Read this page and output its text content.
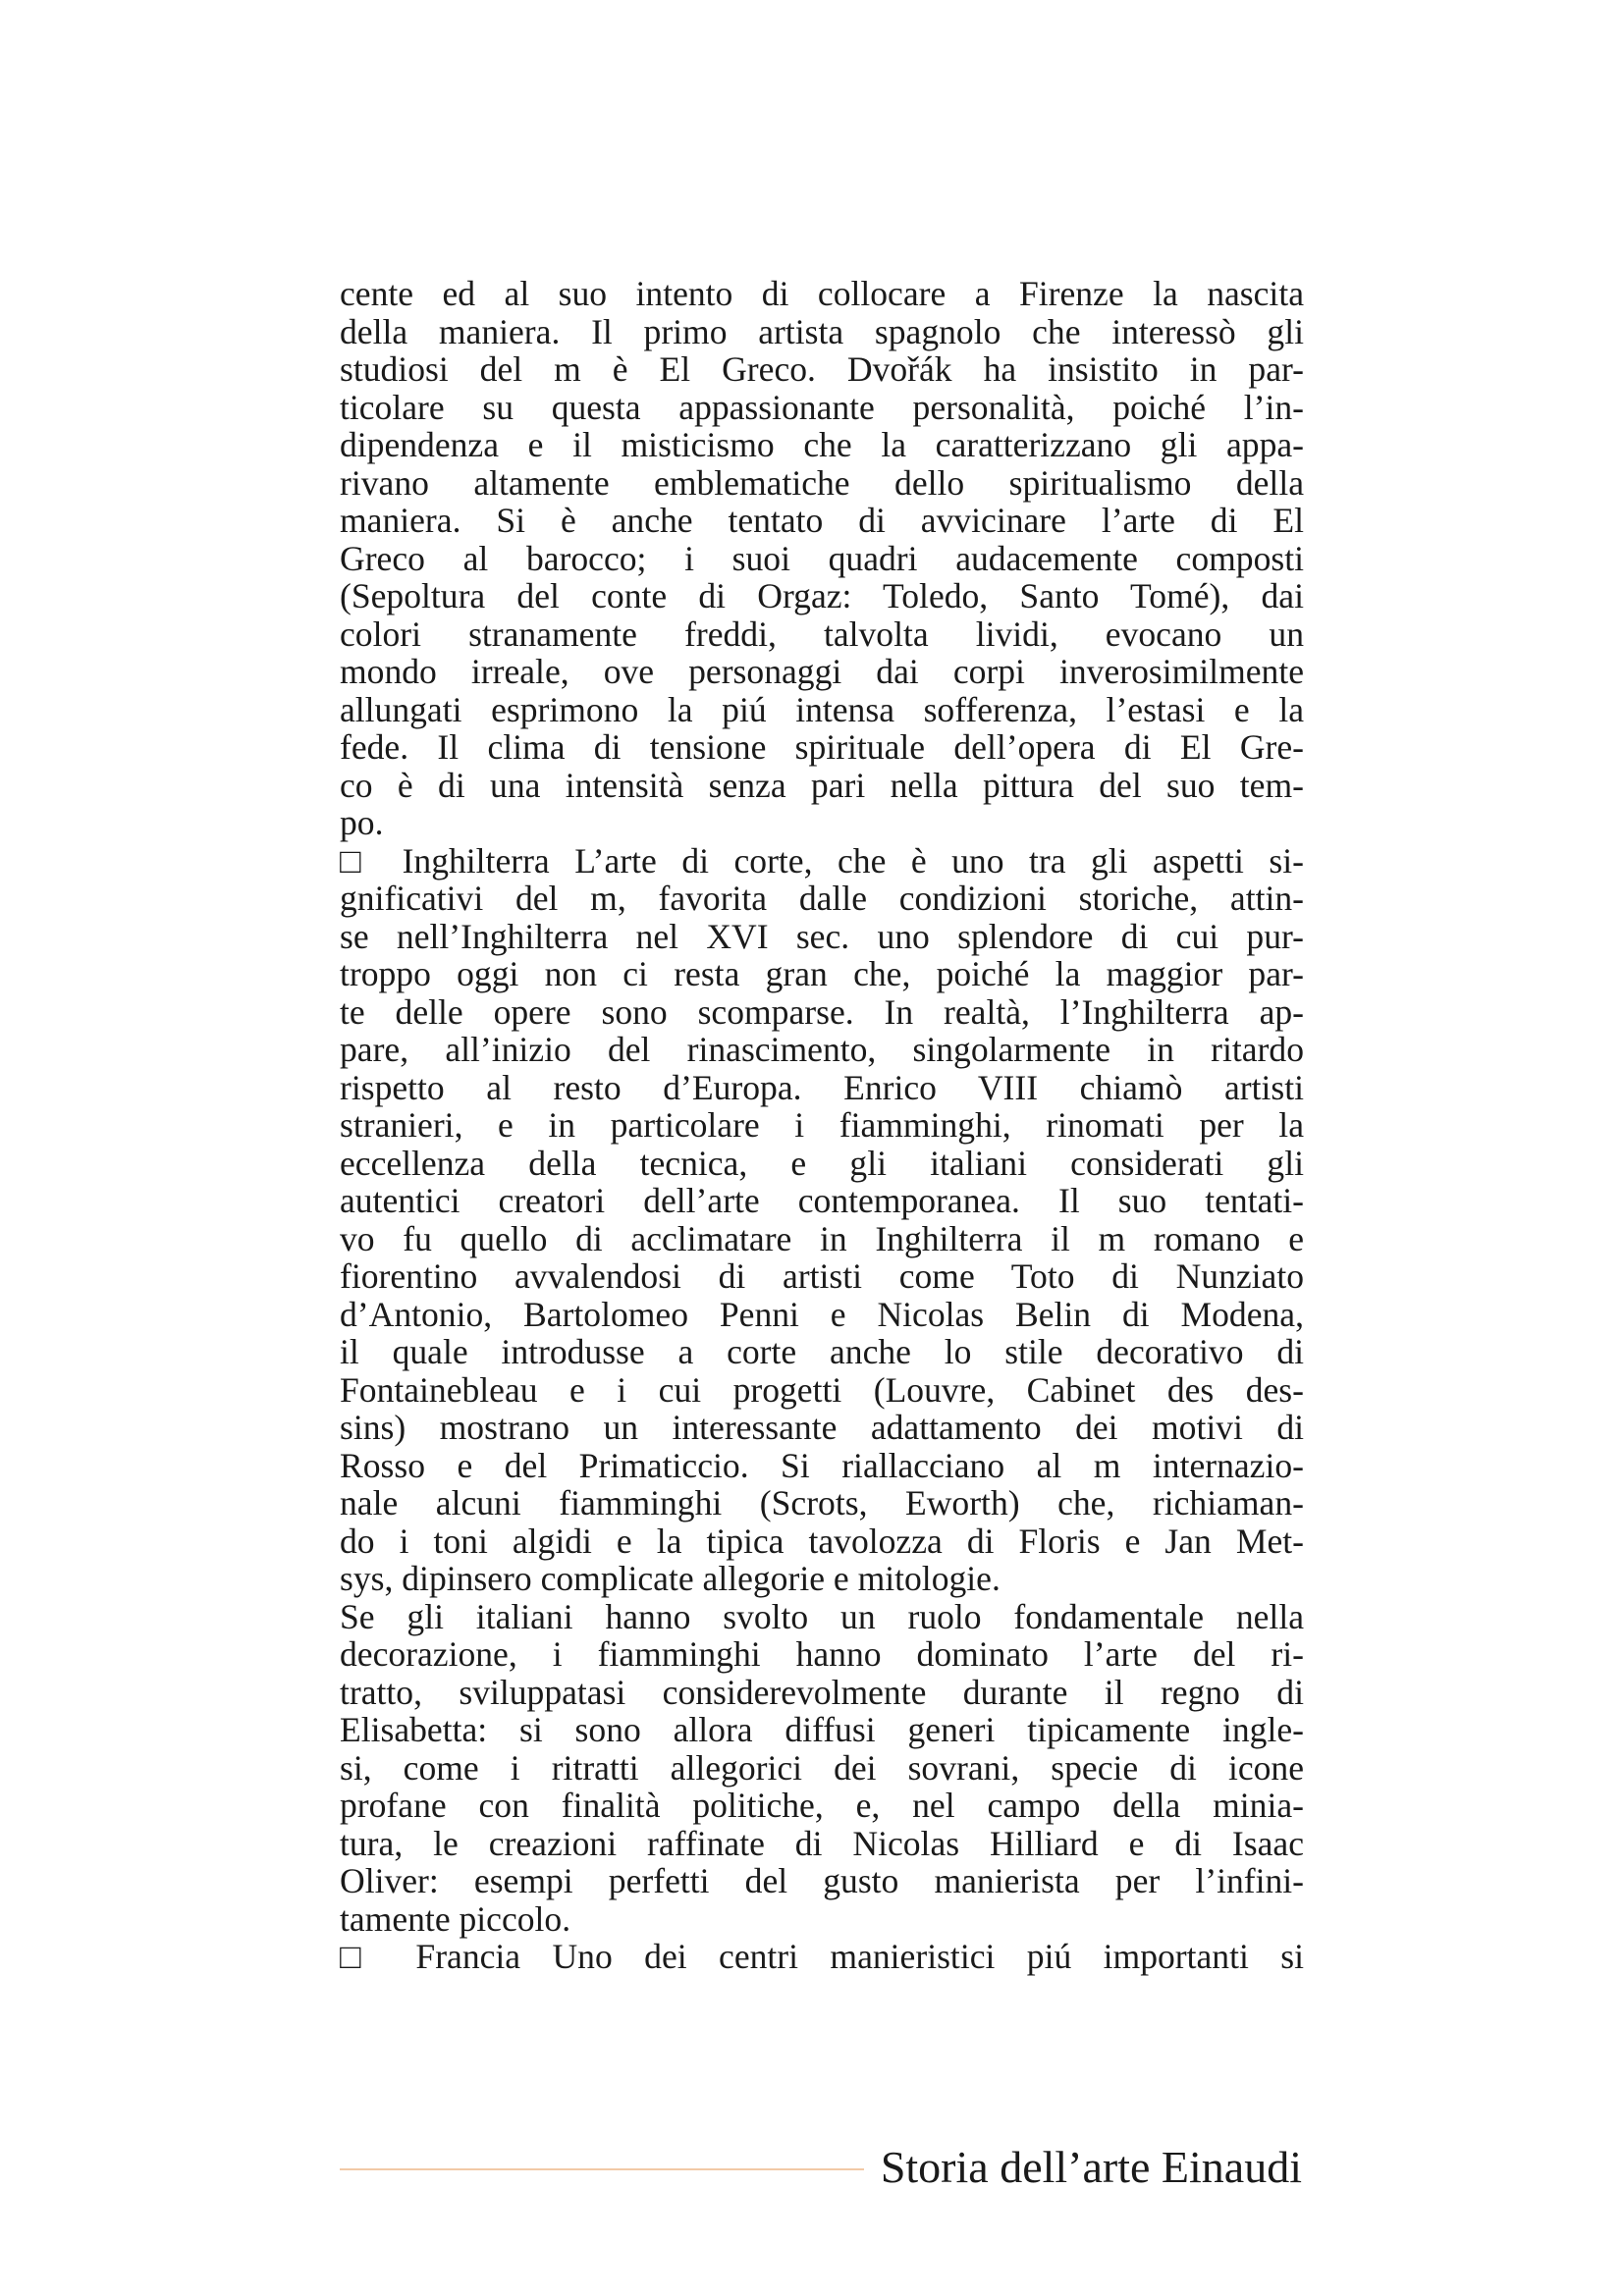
cente ed al suo intento di collocare a Firenze la nascita
della maniera. Il primo artista spagnolo che interessò gli
studiosi del m è El Greco. Dvořák ha insistito in par-
ticolare su questa appassionante personalità, poiché l’in-
dipendenza e il misticismo che la caratterizzano gli appa-
rivano altamente emblematiche dello spiritualismo della
maniera. Si è anche tentato di avvicinare l’arte di El
Greco al barocco; i suoi quadri audacemente composti
(Sepoltura del conte di Orgaz: Toledo, Santo Tomé), dai
colori stranamente freddi, talvolta lividi, evocano un
mondo irreale, ove personaggi dai corpi inverosimilmente
allungati esprimono la piú intensa sofferenza, l’estasi e la
fede. Il clima di tensione spirituale dell’opera di El Gre-
co è di una intensità senza pari nella pittura del suo tem-
po.
□ Inghilterra L’arte di corte, che è uno tra gli aspetti si-
gnificativi del m, favorita dalle condizioni storiche, attin-
se nell’Inghilterra nel XVI sec. uno splendore di cui pur-
troppo oggi non ci resta gran che, poiché la maggior par-
te delle opere sono scomparse. In realtà, l’Inghilterra ap-
pare, all’inizio del rinascimento, singolarmente in ritardo
rispetto al resto d’Europa. Enrico VIII chiamò artisti
stranieri, e in particolare i fiamminghi, rinomati per la
eccellenza della tecnica, e gli italiani considerati gli
autentici creatori dell’arte contemporanea. Il suo tentati-
vo fu quello di acclimatare in Inghilterra il m romano e
fiorentino avvalendosi di artisti come Toto di Nunziato
d’Antonio, Bartolomeo Penni e Nicolas Belin di Modena,
il quale introdusse a corte anche lo stile decorativo di
Fontainebleau e i cui progetti (Louvre, Cabinet des des-
sins) mostrano un interessante adattamento dei motivi di
Rosso e del Primaticcio. Si riallacciano al m internazio-
nale alcuni fiamminghi (Scrots, Eworth) che, richiaman-
do i toni algidi e la tipica tavolozza di Floris e Jan Met-
sys, dipinsero complicate allegorie e mitologie.
Se gli italiani hanno svolto un ruolo fondamentale nella
decorazione, i fiamminghi hanno dominato l’arte del ri-
tratto, sviluppatasi considerevolmente durante il regno di
Elisabetta: si sono allora diffusi generi tipicamente ingle-
si, come i ritratti allegorici dei sovrani, specie di icone
profane con finalità politiche, e, nel campo della minia-
tura, le creazioni raffinate di Nicolas Hilliard e di Isaac
Oliver: esempi perfetti del gusto manierista per l’infini-
tamente piccolo.
□ Francia Uno dei centri manieristici piú importanti si
Storia dell’arte Einaudi
